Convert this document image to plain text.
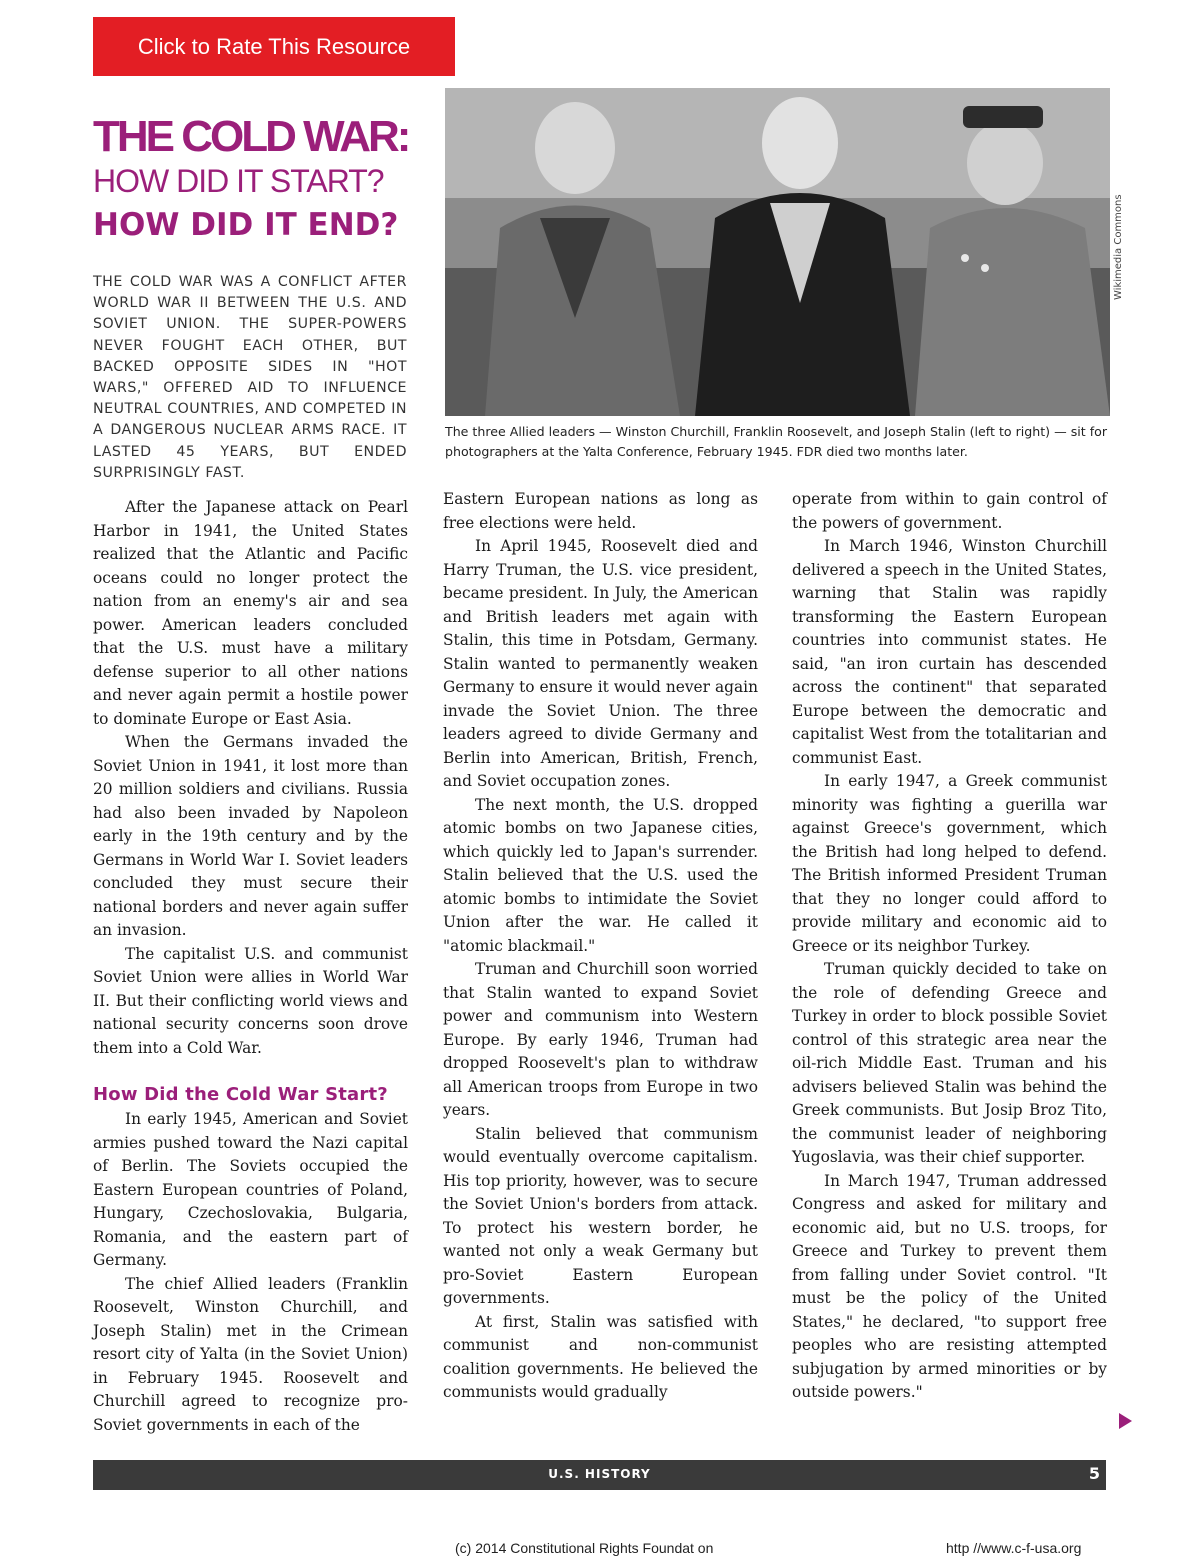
Click to Rate This Resource
THE COLD WAR:
HOW DID IT START?
HOW DID IT END?
THE COLD WAR WAS A CONFLICT AFTER WORLD WAR II BETWEEN THE U.S. AND SOVIET UNION. THE SUPER-POWERS NEVER FOUGHT EACH OTHER, BUT BACKED OPPOSITE SIDES IN "HOT WARS," OFFERED AID TO INFLUENCE NEUTRAL COUNTRIES, AND COMPETED IN A DANGEROUS NUCLEAR ARMS RACE. IT LASTED 45 YEARS, BUT ENDED SURPRISINGLY FAST.
Wikimedia Commons
The three Allied leaders — Winston Churchill, Franklin Roosevelt, and Joseph Stalin (left to right) — sit for photographers at the Yalta Conference, February 1945. FDR died two months later.

After the Japanese attack on Pearl Harbor in 1941, the United States realized that the Atlantic and Pacific oceans could no longer protect the nation from an enemy's air and sea power. American leaders concluded that the U.S. must have a military defense superior to all other nations and never again permit a hostile power to dominate Europe or East Asia.

When the Germans invaded the Soviet Union in 1941, it lost more than 20 million soldiers and civilians. Russia had also been invaded by Napoleon early in the 19th century and by the Germans in World War I. Soviet leaders concluded they must secure their national borders and never again suffer an invasion.

The capitalist U.S. and communist Soviet Union were allies in World War II. But their conflicting world views and national security concerns soon drove them into a Cold War.

How Did the Cold War Start?

In early 1945, American and Soviet armies pushed toward the Nazi capital of Berlin. The Soviets occupied the Eastern European countries of Poland, Hungary, Czechoslovakia, Bulgaria, Romania, and the eastern part of Germany.

The chief Allied leaders (Franklin Roosevelt, Winston Churchill, and Joseph Stalin) met in the Crimean resort city of Yalta (in the Soviet Union) in February 1945. Roosevelt and Churchill agreed to recognize pro-Soviet governments in each of the

Eastern European nations as long as free elections were held.

In April 1945, Roosevelt died and Harry Truman, the U.S. vice president, became president. In July, the American and British leaders met again with Stalin, this time in Potsdam, Germany. Stalin wanted to permanently weaken Germany to ensure it would never again invade the Soviet Union. The three leaders agreed to divide Germany and Berlin into American, British, French, and Soviet occupation zones.

The next month, the U.S. dropped atomic bombs on two Japanese cities, which quickly led to Japan's surrender. Stalin believed that the U.S. used the atomic bombs to intimidate the Soviet Union after the war. He called it "atomic blackmail."

Truman and Churchill soon worried that Stalin wanted to expand Soviet power and communism into Western Europe. By early 1946, Truman had dropped Roosevelt's plan to withdraw all American troops from Europe in two years.

Stalin believed that communism would eventually overcome capitalism. His top priority, however, was to secure the Soviet Union's borders from attack. To protect his western border, he wanted not only a weak Germany but pro-Soviet Eastern European governments.

At first, Stalin was satisfied with communist and non-communist coalition governments. He believed the communists would gradually

operate from within to gain control of the powers of government.

In March 1946, Winston Churchill delivered a speech in the United States, warning that Stalin was rapidly transforming the Eastern European countries into communist states. He said, "an iron curtain has descended across the continent" that separated Europe between the democratic and capitalist West from the totalitarian and communist East.

In early 1947, a Greek communist minority was fighting a guerilla war against Greece's government, which the British had long helped to defend. The British informed President Truman that they no longer could afford to provide military and economic aid to Greece or its neighbor Turkey.

Truman quickly decided to take on the role of defending Greece and Turkey in order to block possible Soviet control of this strategic area near the oil-rich Middle East. Truman and his advisers believed Stalin was behind the Greek communists. But Josip Broz Tito, the communist leader of neighboring Yugoslavia, was their chief supporter.

In March 1947, Truman addressed Congress and asked for military and economic aid, but no U.S. troops, for Greece and Turkey to prevent them from falling under Soviet control. "It must be the policy of the United States," he declared, "to support free peoples who are resisting attempted subjugation by armed minorities or by outside powers."

U.S. HISTORY	5
(c) 2014 Constitutional Rights Foundat on	http //www.c-f-usa.org
